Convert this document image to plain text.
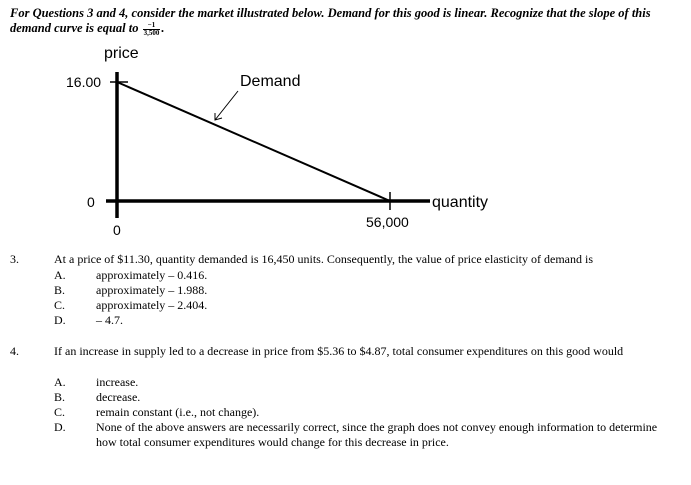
For Questions 3 and 4, consider the market illustrated below. Demand for this good is linear. Recognize that the slope of this demand curve is equal to $\frac{-1}{3,500}$ .
price
quantity
Demand
16.00
0
0	56,000
3.	At a price of $11.30, quantity demanded is 16,450 units. Consequently, the value of price elasticity of demand is
A.	approximately – 0.416.
B.	approximately – 1.988.
C.	approximately – 2.404.
D.	– 4.7.
4.	If an increase in supply led to a decrease in price from $5.36 to $4.87, total consumer expenditures on this good would
A.	increase.
B.	decrease.
C.	remain constant (i.e., not change).
D.	None of the above answers are necessarily correct, since the graph does not convey enough information to determine how total consumer expenditures would change for this decrease in price.
